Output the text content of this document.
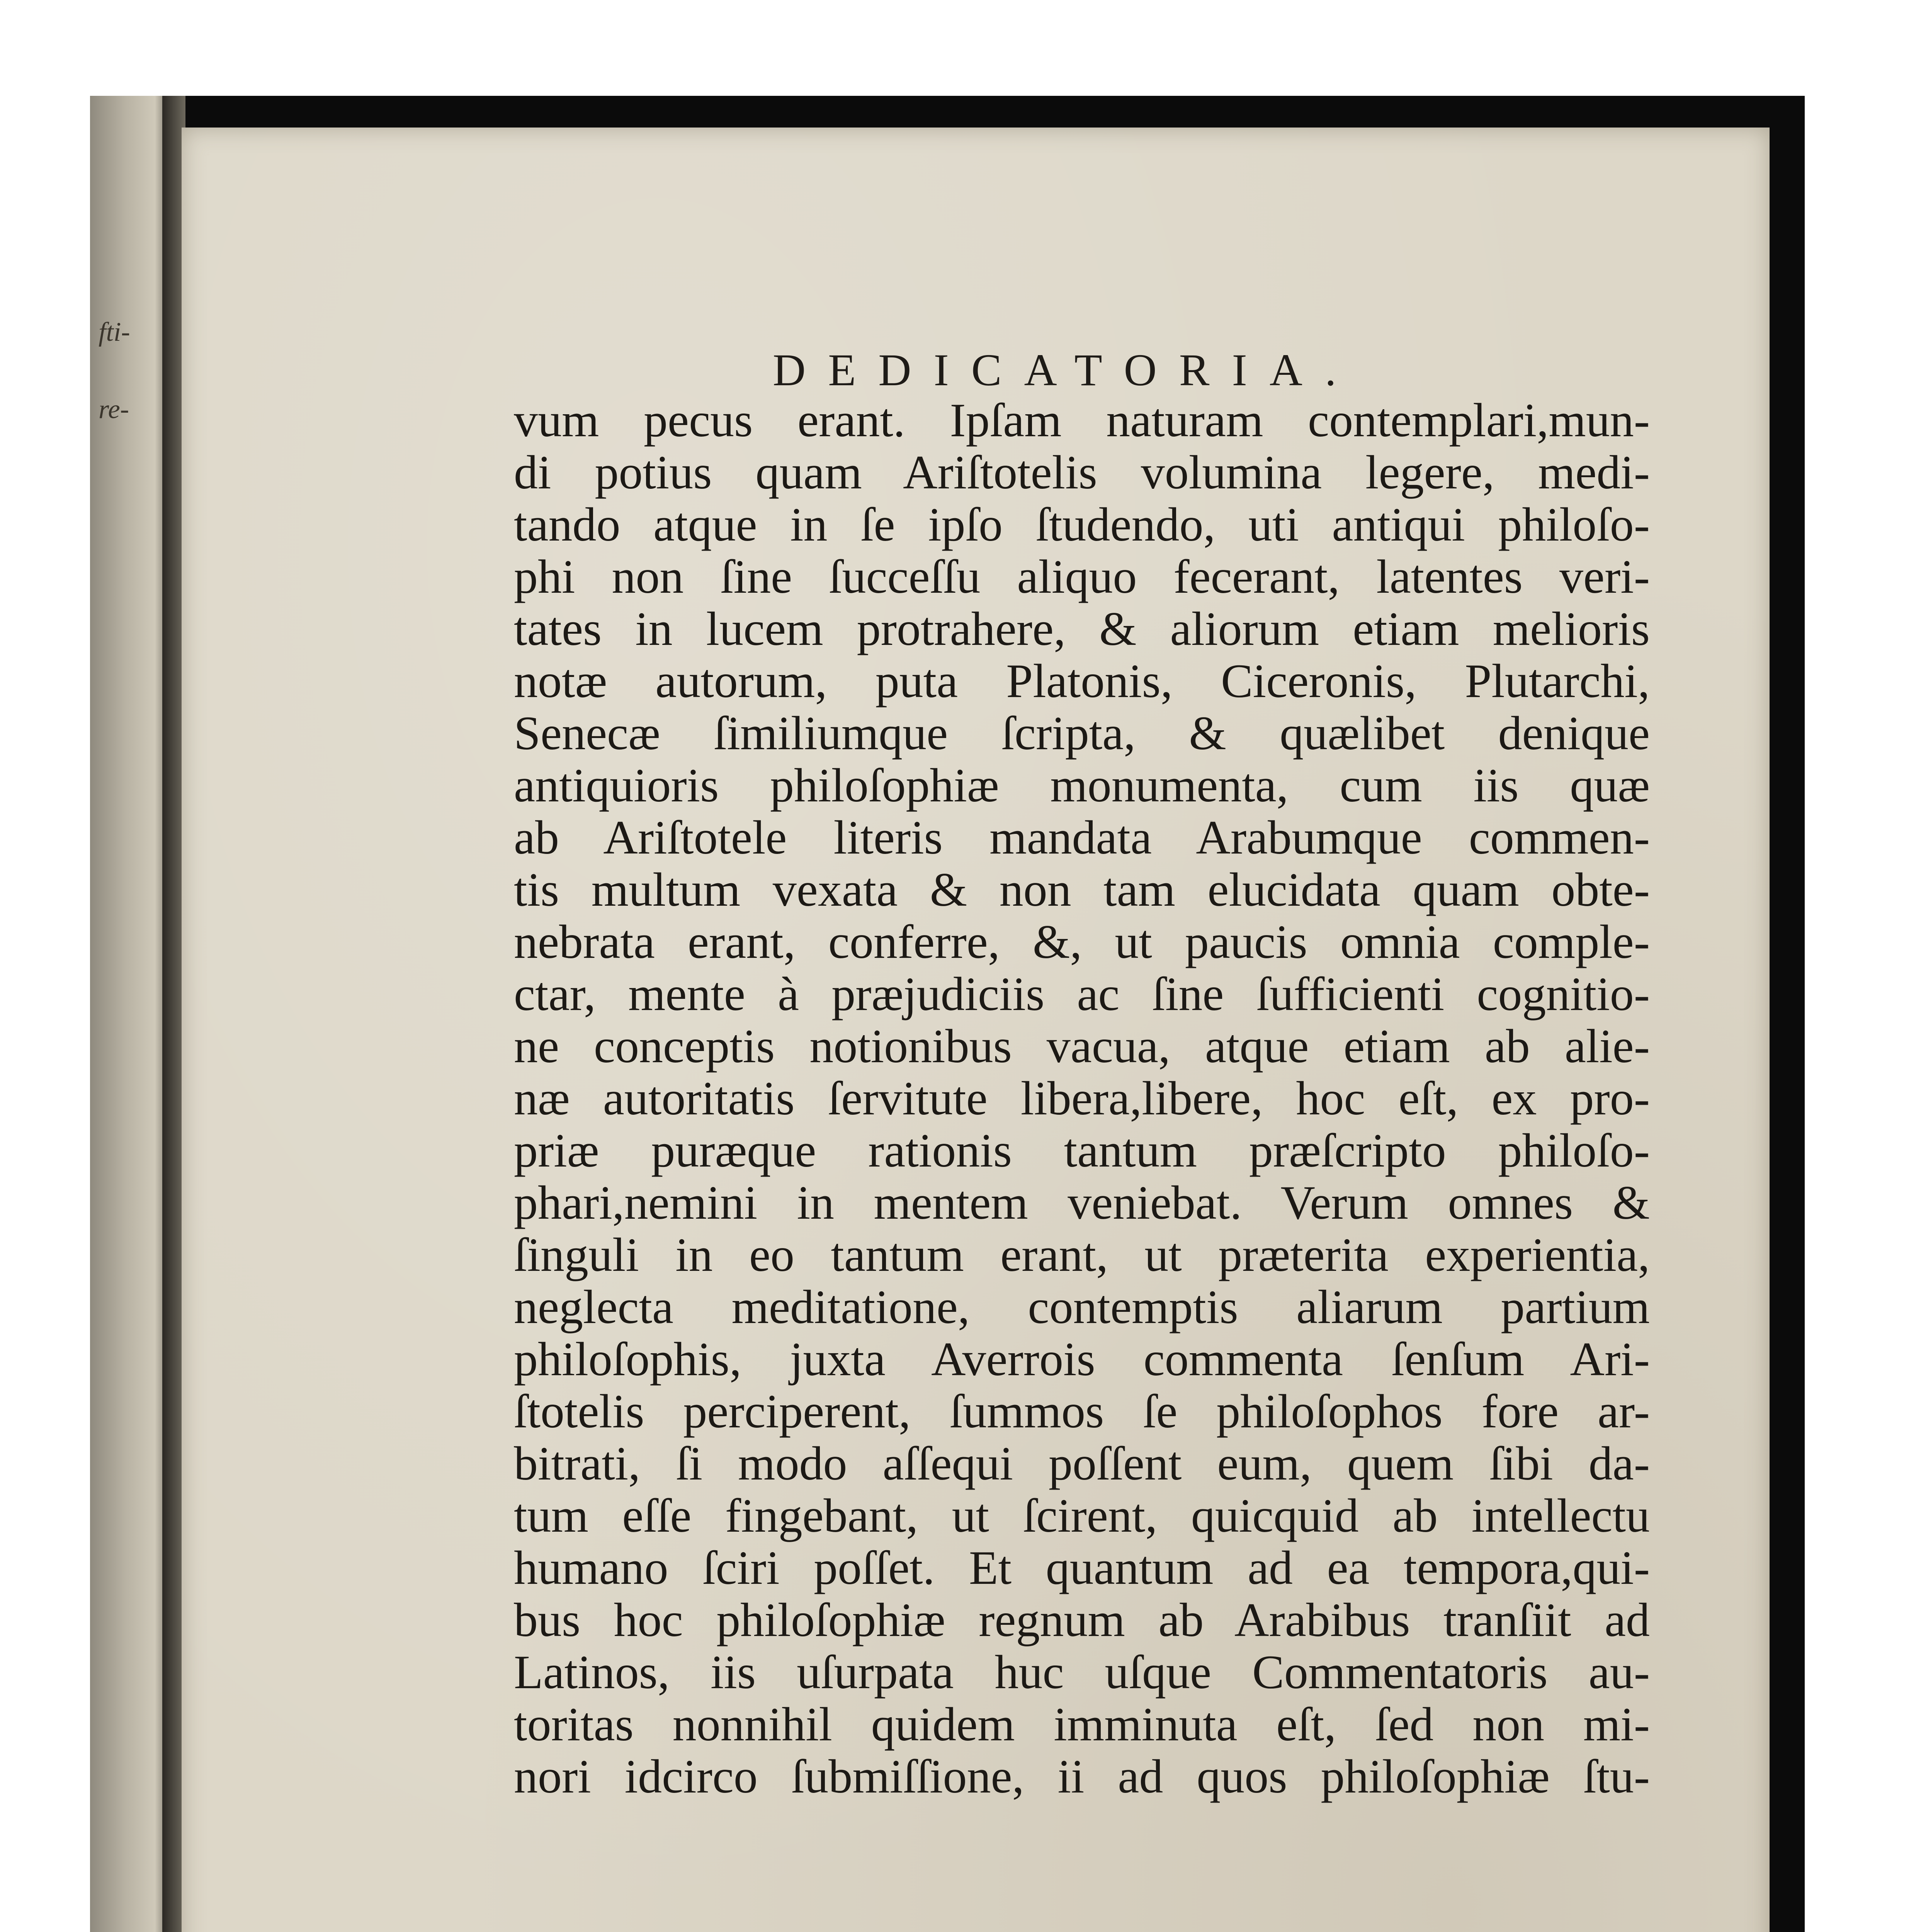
fti-
re-
DEDICATORIA.
vum pecus erant. Ipſam naturam contemplari,mun-
di potius quam Ariſtotelis volumina legere, medi-
tando atque in ſe ipſo ſtudendo, uti antiqui philoſo-
phi non ſine ſucceſſu aliquo fecerant, latentes veri-
tates in lucem protrahere, & aliorum etiam melioris
notæ autorum, puta Platonis, Ciceronis, Plutarchi,
Senecæ ſimiliumque ſcripta, & quælibet denique
antiquioris philoſophiæ monumenta, cum iis quæ
ab Ariſtotele literis mandata Arabumque commen-
tis multum vexata & non tam elucidata quam obte-
nebrata erant, conferre, &, ut paucis omnia comple-
ctar, mente à præjudiciis ac ſine ſufficienti cognitio-
ne conceptis notionibus vacua, atque etiam ab alie-
næ autoritatis ſervitute libera,libere, hoc eſt, ex pro-
priæ puræque rationis tantum præſcripto philoſo-
phari,nemini in mentem veniebat. Verum omnes &
ſinguli in eo tantum erant, ut præterita experientia,
neglecta meditatione, contemptis aliarum partium
philoſophis, juxta Averrois commenta ſenſum Ari-
ſtotelis perciperent, ſummos ſe philoſophos fore ar-
bitrati, ſi modo aſſequi poſſent eum, quem ſibi da-
tum eſſe fingebant, ut ſcirent, quicquid ab intellectu
humano ſciri poſſet. Et quantum ad ea tempora,qui-
bus hoc philoſophiæ regnum ab Arabibus tranſiit ad
Latinos, iis uſurpata huc uſque Commentatoris au-
toritas nonnihil quidem imminuta eſt, ſed non mi-
nori idcirco ſubmiſſione, ii ad quos philoſophiæ ſtu-
